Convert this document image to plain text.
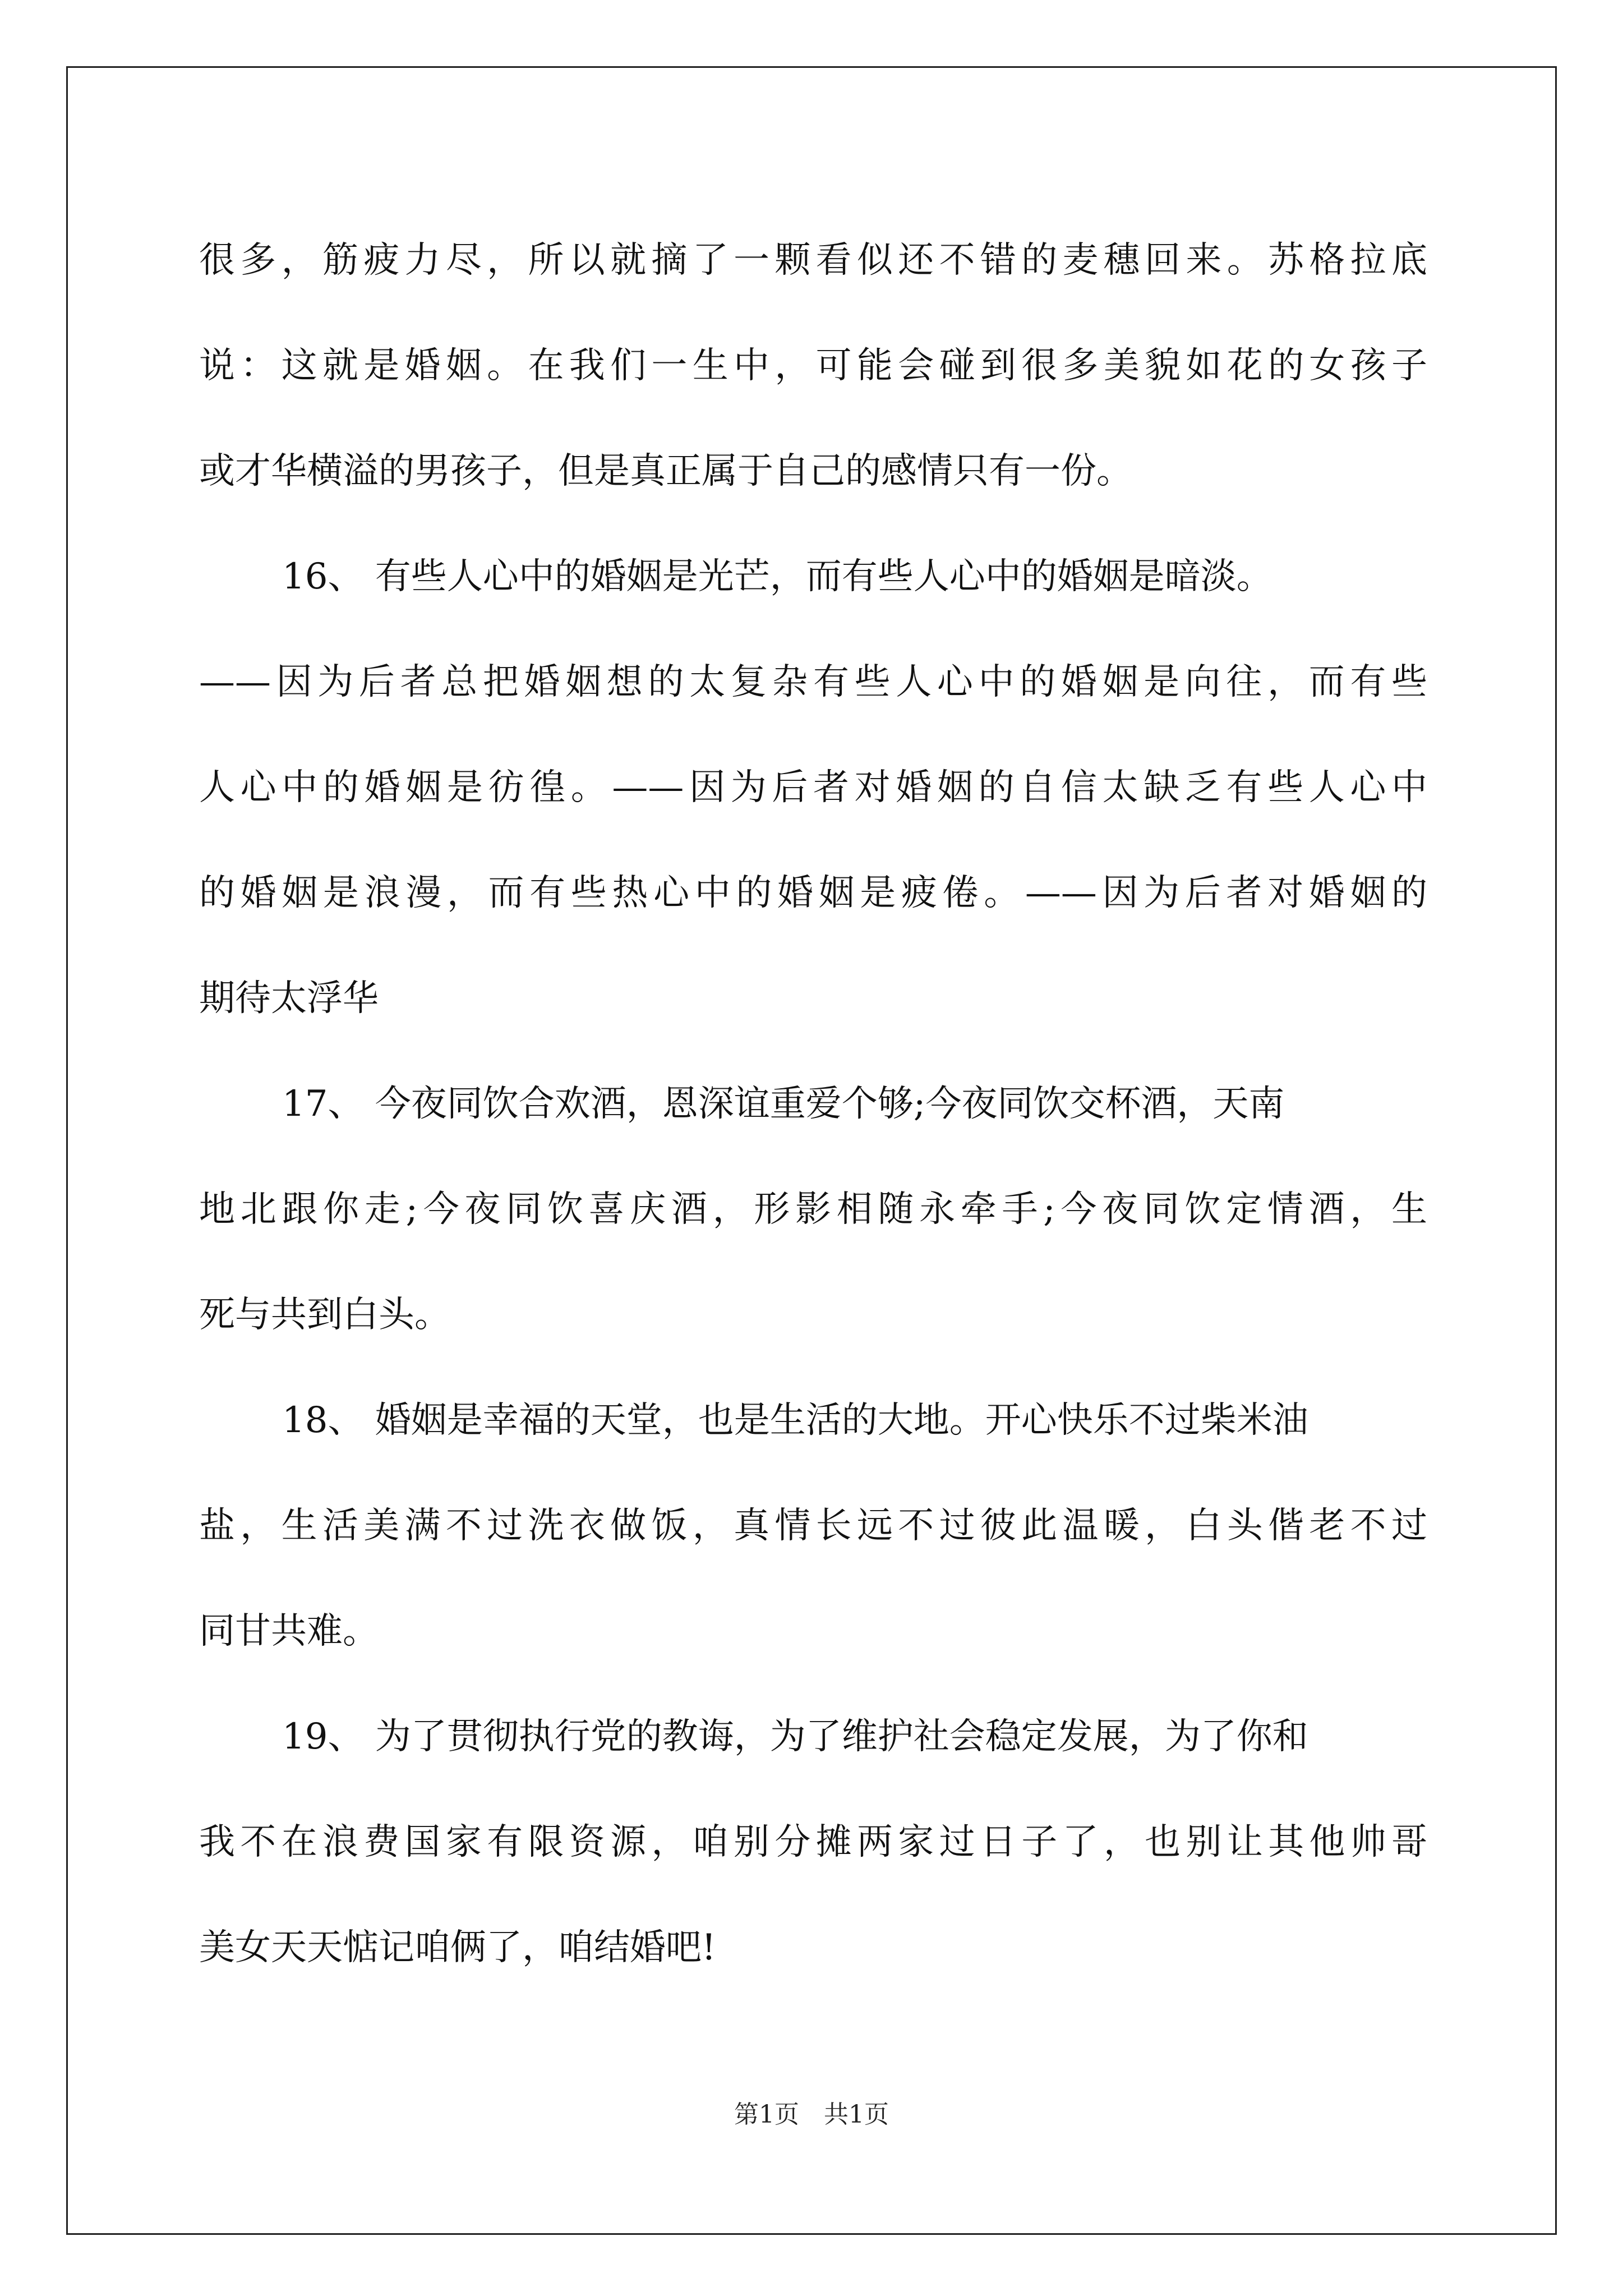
很多，筋疲力尽，所以就摘了一颗看似还不错的麦穗回来。苏格拉底
说：这就是婚姻。在我们一生中，可能会碰到很多美貌如花的女孩子
或才华横溢的男孩子，但是真正属于自己的感情只有一份。
16、 有些人心中的婚姻是光芒，而有些人心中的婚姻是暗淡。
——因为后者总把婚姻想的太复杂有些人心中的婚姻是向往，而有些
人心中的婚姻是彷徨。——因为后者对婚姻的自信太缺乏有些人心中
的婚姻是浪漫，而有些热心中的婚姻是疲倦。——因为后者对婚姻的
期待太浮华
17、 今夜同饮合欢酒，恩深谊重爱个够;今夜同饮交杯酒，天南
地北跟你走;今夜同饮喜庆酒，形影相随永牵手;今夜同饮定情酒，生
死与共到白头。
18、 婚姻是幸福的天堂，也是生活的大地。开心快乐不过柴米油
盐，生活美满不过洗衣做饭，真情长远不过彼此温暖，白头偕老不过
同甘共难。
19、 为了贯彻执行党的教诲，为了维护社会稳定发展，为了你和
我不在浪费国家有限资源，咱别分摊两家过日子了，也别让其他帅哥
美女天天惦记咱俩了，咱结婚吧!
第1页　共1页
